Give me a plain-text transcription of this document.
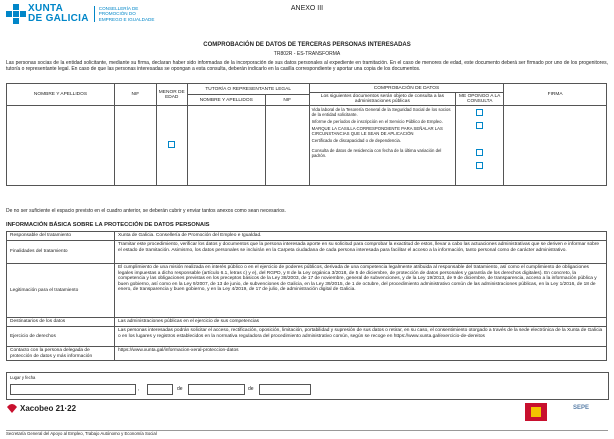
XUNTA
DE GALICIA
CONSELLERÍA DE
PROMOCIÓN DO
EMPREGO E IGUALDADE
ANEXO III
COMPROBACIÓN DE DATOS DE TERCERAS PERSONAS INTERESADAS
TR802R - ES-TRANSFORMA
Las personas socias de la entidad solicitante, mediante su firma, declaran haber sido informadas de la incorporación de sus datos personales al expediente en tramitación. En el caso de menores de edad, este documento deberá ser firmado por uno de los progenitores, tutor/a o representante legal. En caso de que las personas interesadas se opongan a esta consulta, deberán indicarlo en la casilla correspondiente y aportar una copia de los documentos.
NOMBRE Y APELLIDOS	NIF	MENOR DE EDAD	TUTOR/A O REPRESENTANTE LEGAL		COMPROBACIÓN DE DATOS		FIRMA
					Los siguientes documentos serán objeto de consulta a las administraciones públicas	ME OPONGO A LA CONSULTA	
			NOMBRE Y APELLIDOS	NIF			

					Vida laboral de la Tesorería General de la Seguridad Social de los socios de la entidad solicitante.
Informe de períodos de inscripción en el Servicio Público de Empleo.
MARQUE LA CASILLA CORRESPONDIENTE PARA SEÑALAR LAS CIRCUNSTANCIAS QUE LE SEAN DE APLICACIÓN
Certificado de discapacidad o de dependencia.
Consulta de datos de residencia con fecha de la última variación del padrón.		

De no ser suficiente el espacio previsto en el cuadro anterior, se deberán cubrir y enviar tantos anexos como sean necesarios.
INFORMACIÓN BÁSICA SOBRE LA PROTECCIÓN DE DATOS PERSONAIS
Responsable del tratamiento	Xunta de Galicia. Consellería de Promoción del Empleo e Igualdad.
Finalidades del tratamiento	Tramitar este procedimiento, verificar los datos y documentos que la persona interesada aporte en su solicitud para comprobar la exactitud de estos, llevar a cabo las actuaciones administrativas que se deriven e informar sobre el estado de tramitación. Asimismo, los datos personales se incluirán en la Carpeta ciudadana de cada persona interesada para facilitar el acceso a la información, tanto personal como de carácter administrativo.
Legitimación para el tratamiento	El cumplimiento de una misión realizada en interés público o en el ejercicio de poderes públicos, derivada de una competencia legalmente atribuida al responsable del tratamiento, así como el cumplimiento de obligaciones legales impuestas a dicho responsable (artículo 6.1, letras c) y e), del RGPD, y 8 de la Ley orgánica 3/2018, de 5 de diciembre, de protección de datos personales y garantía de los derechos digitales). En concreto, la competencia y las obligaciones previstas en los preceptos básicos de la Ley 38/2003, de 17 de noviembre, general de subvenciones, y de la Ley 19/2013, de 9 de diciembre, de transparencia, acceso a la información pública y buen gobierno, así como en la Ley 9/2007, de 13 de junio, de subvenciones de Galicia, en la Ley 39/2015, de 1 de octubre, del procedimiento administrativo común de las administraciones públicas, en la Ley 1/2016, de 18 de enero, de transparencia y buen gobierno, y en la Ley 4/2019, de 17 de julio, de administración digital de Galicia.
Destinatarios de los datos	Las administraciones públicas en el ejercicio de sus competencias
Ejercicio de derechos	Las personas interesadas podrán solicitar el acceso, rectificación, oposición, limitación, portabilidad y supresión de sus datos o retirar, en su caso, el consentimiento otorgado a través de la sede electrónica de la Xunta de Galicia o en los lugares y registros establecidos en la normativa reguladora del procedimiento administrativo común, según se recoge en https://www.xunta.gal/exercicio-de-dereitos
Contacto con la persona delegada de protección de datos y más información	https://www.xunta.gal/informacion-xeral-proteccion-datos
Lugar y fecha
,	de	de
Xacobeo 21·22	SEPE
Secretaría General del Apoyo al Empleo, Trabajo Autónomo y Economía Social
